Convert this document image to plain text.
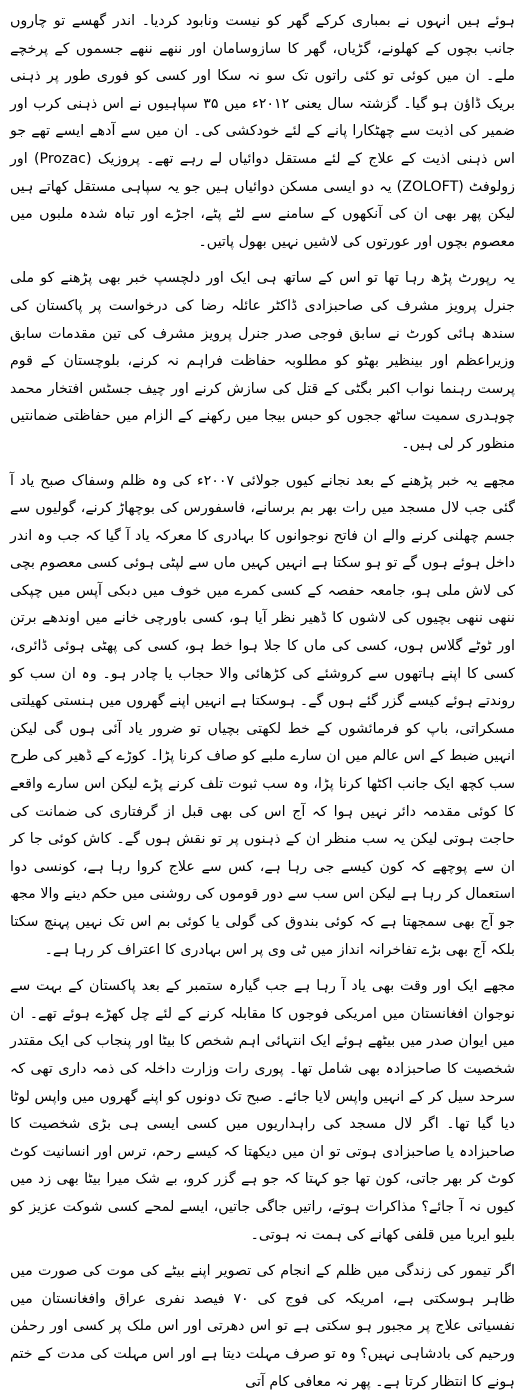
ہوئے ہیں انہوں نے بمباری کرکے گھر کو نیست ونابود کردیا۔ اندر گھسے تو چاروں جانب بچوں کے کھلونے، گڑیاں، گھر کا سازوسامان اور ننھے ننھے جسموں کے پرخچے ملے۔ ان میں کوئی تو کئی راتوں تک سو نہ سکا اور کسی کو فوری طور پر ذہنی بریک ڈاؤن ہو گیا۔ گزشتہ سال یعنی ۲۰۱۲ء میں ۳۵ سپاہیوں نے اس ذہنی کرب اور ضمیر کی اذیت سے چھٹکارا پانے کے لئے خودکشی کی۔ ان میں سے آدھے ایسے تھے جو اس ذہنی اذیت کے علاج کے لئے مستقل دوائیاں لے رہے تھے۔ پروزیک (Prozac) اور زولوفٹ (ZOLOFT) یہ دو ایسی مسکن دوائیاں ہیں جو یہ سپاہی مستقل کھاتے ہیں لیکن پھر بھی ان کی آنکھوں کے سامنے سے لٹے پٹے، اجڑے اور تباہ شدہ ملبوں میں معصوم بچوں اور عورتوں کی لاشیں نہیں بھول پاتیں۔

یہ رپورٹ پڑھ رہا تھا تو اس کے ساتھ ہی ایک اور دلچسپ خبر بھی پڑھنے کو ملی جنرل پرویز مشرف کی صاحبزادی ڈاکٹر عائلہ رضا کی درخواست پر پاکستان کی سندھ ہائی کورٹ نے سابق فوجی صدر جنرل پرویز مشرف کی تین مقدمات سابق وزیراعظم اور بینظیر بھٹو کو مطلوبہ حفاظت فراہم نہ کرنے، بلوچستان کے قوم پرست رہنما نواب اکبر بگٹی کے قتل کی سازش کرنے اور چیف جسٹس افتخار محمد چوہدری سمیت ساٹھ ججوں کو حبس بیجا میں رکھنے کے الزام میں حفاظتی ضمانتیں منظور کر لی ہیں۔

مجھے یہ خبر پڑھنے کے بعد نجانے کیوں جولائی ۲۰۰۷ء کی وہ ظلم وسفاک صبح یاد آ گئی جب لال مسجد میں رات بھر بم برسانے، فاسفورس کی بوچھاڑ کرنے، گولیوں سے جسم چھلنی کرنے والے ان فاتح نوجوانوں کا بہادری کا معرکہ یاد آ گیا کہ جب وہ اندر داخل ہوئے ہوں گے تو ہو سکتا ہے انہیں کہیں ماں سے لپٹی ہوئی کسی معصوم بچی کی لاش ملی ہو، جامعہ حفصہ کے کسی کمرے میں خوف میں دبکی آپس میں چپکی ننھی ننھی بچیوں کی لاشوں کا ڈھیر نظر آیا ہو، کسی باورچی خانے میں اوندھے برتن اور ٹوٹے گلاس ہوں، کسی کی ماں کا جلا ہوا خط ہو، کسی کی پھٹی ہوئی ڈائری، کسی کا اپنے ہاتھوں سے کروشئے کی کڑھائی والا حجاب یا چادر ہو۔ وہ ان سب کو روندتے ہوئے کیسے گزر گئے ہوں گے۔ ہوسکتا ہے انہیں اپنے گھروں میں ہنستی کھیلتی مسکراتی، باپ کو فرمائشوں کے خط لکھتی بچیاں تو ضرور یاد آئی ہوں گی لیکن انہیں ضبط کے اس عالم میں ان سارے ملبے کو صاف کرنا پڑا۔ کوڑے کے ڈھیر کی طرح سب کچھ ایک جانب اکٹھا کرنا پڑا، وہ سب ثبوت تلف کرنے پڑے لیکن اس سارے واقعے کا کوئی مقدمہ دائر نہیں ہوا کہ آج اس کی بھی قبل از گرفتاری کی ضمانت کی حاجت ہوتی لیکن یہ سب منظر ان کے ذہنوں پر تو نقش ہوں گے۔ کاش کوئی جا کر ان سے پوچھے کہ کون کیسے جی رہا ہے، کس سے علاج کروا رہا ہے، کونسی دوا استعمال کر رہا ہے لیکن اس سب سے دور قوموں کی روشنی میں حکم دینے والا مجھ جو آج بھی سمجھتا ہے کہ کوئی بندوق کی گولی یا کوئی بم اس تک نہیں پہنچ سکتا بلکہ آج بھی بڑے تفاخرانہ انداز میں ٹی وی پر اس بہادری کا اعتراف کر رہا ہے۔

مجھے ایک اور وقت بھی یاد آ رہا ہے جب گیارہ ستمبر کے بعد پاکستان کے بہت سے نوجوان افغانستان میں امریکی فوجوں کا مقابلہ کرنے کے لئے چل کھڑے ہوئے تھے۔ ان میں ایوان صدر میں بیٹھے ہوئے ایک انتہائی اہم شخص کا بیٹا اور پنجاب کی ایک مقتدر شخصیت کا صاحبزادہ بھی شامل تھا۔ پوری رات وزارت داخلہ کی ذمہ داری تھی کہ سرحد سیل کر کے انہیں واپس لایا جائے۔ صبح تک دونوں کو اپنے گھروں میں واپس لوٹا دیا گیا تھا۔ اگر لال مسجد کی راہداریوں میں کسی ایسی ہی بڑی شخصیت کا صاحبزادہ یا صاحبزادی ہوتی تو ان میں دیکھتا کہ کیسے رحم، ترس اور انسانیت کوٹ کوٹ کر بھر جاتی، کون تھا جو کہتا کہ جو ہے گزر کرو، بے شک میرا بیٹا بھی زد میں کیوں نہ آ جائے؟ مذاکرات ہوتے، راتیں جاگی جاتیں، ایسے لمحے کسی شوکت عزیز کو بلیو ایریا میں قلفی کھانے کی ہمت نہ ہوتی۔

اگر تیمور کی زندگی میں ظلم کے انجام کی تصویر اپنے بیٹے کی موت کی صورت میں ظاہر ہوسکتی ہے، امریکہ کی فوج کی ۷۰ فیصد نفری عراق وافغانستان میں نفسیاتی علاج پر مجبور ہو سکتی ہے تو اس دھرتی اور اس ملک پر کسی اور رحمٰن ورحیم کی بادشاہی نہیں؟ وہ تو صرف مہلت دیتا ہے اور اس مہلت کی مدت کے ختم ہونے کا انتظار کرتا ہے۔ پھر نہ معافی کام آتی
